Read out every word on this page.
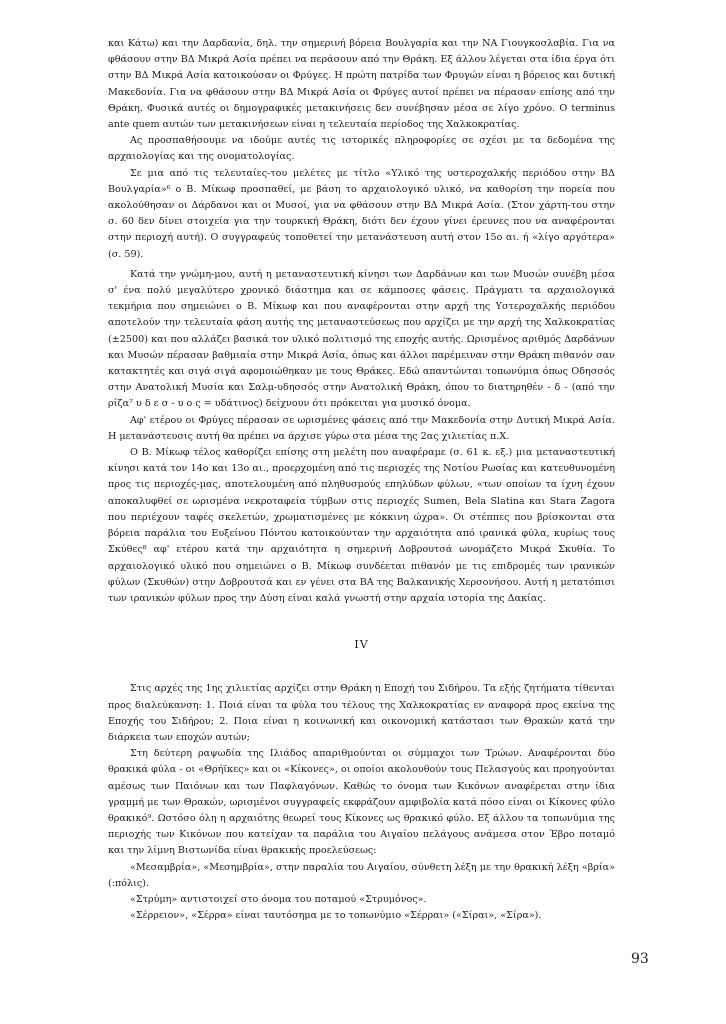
και Κάτω) και την Δαρδανία, δηλ. την σημερινή βόρεια Βουλγαρία και την ΝΑ Γιουγκοσλαβία. Για να φθάσουν στην ΒΔ Μικρά Ασία πρέπει να περάσουν από την Θράκη. Εξ άλλου λέγεται στα ίδια έργα ότι στην ΒΔ Μικρά Ασία κατοικούσαν οι Φρύγες. Η πρώτη πατρίδα των Φρυγών είναι η βόρειος και δυτική Μακεδονία. Για να φθάσουν στην ΒΔ Μικρά Ασία οι Φρύγες αυτοί πρέπει να πέρασαν επίσης από την Θράκη. Φυσικά αυτές οι δημογραφικές μετακινήσεις δεν συνέβησαν μέσα σε λίγο χρόνο. Ο terminus ante quem αυτών των μετακινήσεων είναι η τελευταία περίοδος της Χαλκοκρατίας.

Ας προσπαθήσουμε να ιδούμε αυτές τις ιστορικές πληροφορίες σε σχέσι με τα δεδομένα της αρχαιολογίας και της ονοματολογίας.

Σε μια από τις τελευταίες-του μελέτες με τίτλο «Υλικό της υστεροχαλκής περιόδου στην ΒΔ Βουλγαρία»⁶ ο Β. Μίκωφ προσπαθεί, με βάση το αρχαιολογικό υλικό, να καθορίση την πορεία που ακολούθησαν οι Δάρδανοι και οι Μυσοί, για να φθάσουν στην ΒΔ Μικρά Ασία. (Στον χάρτη-του στην σ. 60 δεν δίνει στοιχεία για την τουρκική Θράκη, διότι δεν έχουν γίνει έρευνες που να αναφέρονται στην περιοχή αυτή). Ο συγγραφεύς τοποθετεί την μετανάστευση αυτή στον 15ο αι. ή «λίγο αργότερα» (σ. 59).

Κατά την γνώμη-μου, αυτή η μεταναστευτική κίνησι των Δαρδάνων και των Μυσών συνέβη μέσα σ' ένα πολύ μεγαλύτερο χρονικό διάστημα και σε κάμποσες φάσεις. Πράγματι τα αρχαιολογικά τεκμήρια που σημειώνει ο Β. Μίκωφ και που αναφέρονται στην αρχή της Υστεροχαλκής περιόδου αποτελούν την τελευταία φάση αυτής της μεταναστεύσεως που αρχίζει με την αρχή της Χαλκοκρατίας (±2500) και που αλλάζει βασικά τον υλικό πολιτισμό της εποχής αυτής. Ωρισμένος αριθμός Δαρδάνων και Μυσών πέρασαν βαθμιαία στην Μικρά Ασία, όπως και άλλοι παρέμειναν στην Θράκη πιθανόν σαν κατακτητές και σιγά σιγά αφομοιώθηκαν με τους Θράκες. Εδώ απαντώνται τοπωνύμια όπως Οδησσός στην Ανατολική Μυσία και Σαλμ-υδησσός στην Ανατολική Θράκη, όπου το διατηρηθέν - δ - (από την ρίζα⁷ υ δ ε σ - υ ο ς = υδάτινος) δείχνουν ότι πρόκειται για μυσικό όνομα.

Αφ' ετέρου οι Φρύγες πέρασαν σε ωρισμένες φάσεις από την Μακεδονία στην Δυτική Μικρά Ασία. Η μετανάστευσις αυτή θα πρέπει να άρχισε γύρω στα μέσα της 2ας χιλιετίας π.Χ.

Ο Β. Μίκωφ τέλος καθορίζει επίσης στη μελέτη που αναφέραμε (σ. 61 κ. εξ.) μια μεταναστευτική κίνησι κατά τον 14ο και 13ο αι., προερχομένη από τις περιοχές της Νοτίου Ρωσίας και κατευθυνομένη προς τις περιοχές-μας, αποτελουμένη από πληθυσμούς επηλύδων φύλων, «των οποίων τα ίχνη έχουν αποκαλυφθεί σε ωρισμένα νεκροταφεία τύμβων στις περιοχές Sumen, Bela Slatina και Stara Zagora που περιέχουν ταφές σκελετών, χρωματισμένες με κόκκινη ώχρα». Οι στέππες που βρίσκονται στα βόρεια παράλια του Ευξείνου Πόντου κατοικούνταν την αρχαιότητα από ιρανικά φύλα, κυρίως τους Σκύθες⁸ αφ' ετέρου κατά την αρχαιότητα η σημερινή Δοβρουτσά ωνομάζετο Μικρά Σκυθία. Το αρχαιολογικό υλικό που σημειώνει ο Β. Μίκωφ συνδέεται πιθανόν με τις επιδρομές των ιρανικών φύλων (Σκυθών) στην Δοβρουτσά και εν γένει στα ΒΑ της Βαλκανικής Χερσονήσου. Αυτή η μετατόπισι των ιρανικών φύλων προς την Δύση είναι καλά γνωστή στην αρχαία ιστορία της Δακίας.

IV

Στις αρχές της 1ης χιλιετίας αρχίζει στην Θράκη η Εποχή του Σιδήρου. Τα εξής ζητήματα τίθενται προς διαλεύκανση: 1. Ποιά είναι τα φύλα του τέλους της Χαλκοκρατίας εν αναφορά προς εκείνα της Εποχής του Σιδήρου; 2. Ποια είναι η κοινωνική και οικονομική κατάστασι των Θρακών κατά την διάρκεια των εποχών αυτών;

Στη δεύτερη ραψωδία της Ιλιάδος απαριθμούνται οι σύμμαχοι των Τρώων. Αναφέρονται δύο θρακικά φύλα - οι «Θρήϊκες» και οι «Κίκονες», οι οποίοι ακολουθούν τους Πελασγούς και προηγούνται αμέσως των Παιόνων και των Παφλαγόνων. Καθώς το όνομα των Κικόνων αναφέρεται στην ίδια γραμμή με των Θρακών, ωρισμένοι συγγραφείς εκφράζουν αμφιβολία κατά πόσο είναι οι Κίκονες φύλο θρακικό⁹. Ωστόσο όλη η αρχαιότης θεωρεί τους Κίκονες ως θρακικό φύλο. Εξ άλλου τα τοπωνύμια της περιοχής των Κικόνων που κατείχαν τα παράλια του Αιγαίου πελάγους ανάμεσα στον Έβρο ποταμό και την λίμνη Βιστωνίδα είναι θρακικής προελεύσεως:

«Μεσαμβρία», «Μεσημβρία», στην παραλία του Αιγαίου, σύνθετη λέξη με την θρακική λέξη «βρία» (:πόλις).

«Στρύμη» αντιστοιχεί στο όνομα του ποταμού «Στρυμόνος».

«Σέρρειον», «Σέρρα» είναι ταυτόσημα με το τοπωνύμιο «Σέρραι» («Σίραι», «Σίρα»).

93
